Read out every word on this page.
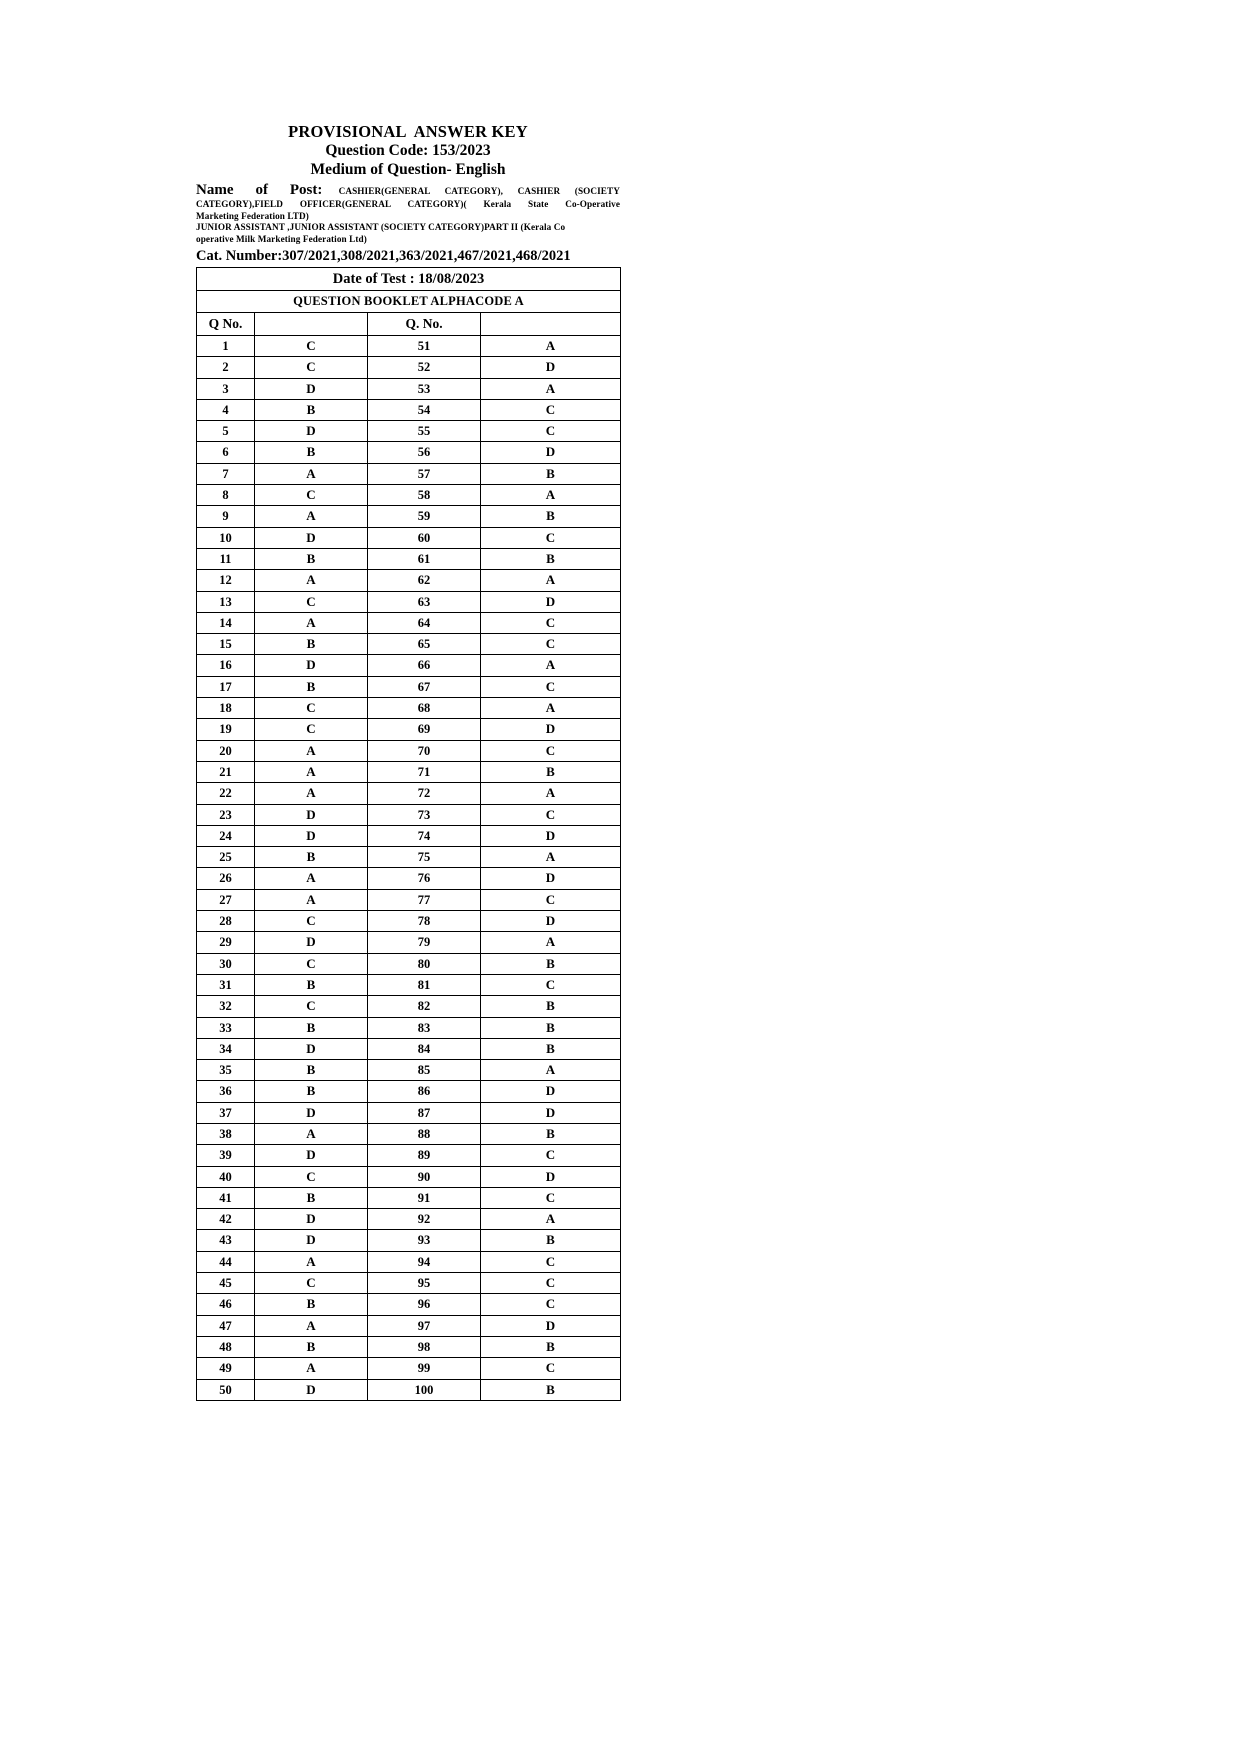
PROVISIONAL  ANSWER KEY
Question Code: 153/2023
Medium of Question- English
Name of Post: CASHIER(GENERAL CATEGORY), CASHIER (SOCIETY
CATEGORY),FIELD OFFICER(GENERAL CATEGORY)( Kerala State Co-Operative
Marketing Federation LTD)
JUNIOR ASSISTANT ,JUNIOR ASSISTANT (SOCIETY CATEGORY)PART II (Kerala Co
operative Milk Marketing Federation Ltd)
Cat. Number:307/2021,308/2021,363/2021,467/2021,468/2021
Date of Test : 18/08/2023			
QUESTION BOOKLET ALPHACODE A			
Q No.		Q. No.	
1	C	51	A
2	C	52	D
3	D	53	A
4	B	54	C
5	D	55	C
6	B	56	D
7	A	57	B
8	C	58	A
9	A	59	B
10	D	60	C
11	B	61	B
12	A	62	A
13	C	63	D
14	A	64	C
15	B	65	C
16	D	66	A
17	B	67	C
18	C	68	A
19	C	69	D
20	A	70	C
21	A	71	B
22	A	72	A
23	D	73	C
24	D	74	D
25	B	75	A
26	A	76	D
27	A	77	C
28	C	78	D
29	D	79	A
30	C	80	B
31	B	81	C
32	C	82	B
33	B	83	B
34	D	84	B
35	B	85	A
36	B	86	D
37	D	87	D
38	A	88	B
39	D	89	C
40	C	90	D
41	B	91	C
42	D	92	A
43	D	93	B
44	A	94	C
45	C	95	C
46	B	96	C
47	A	97	D
48	B	98	B
49	A	99	C
50	D	100	B
